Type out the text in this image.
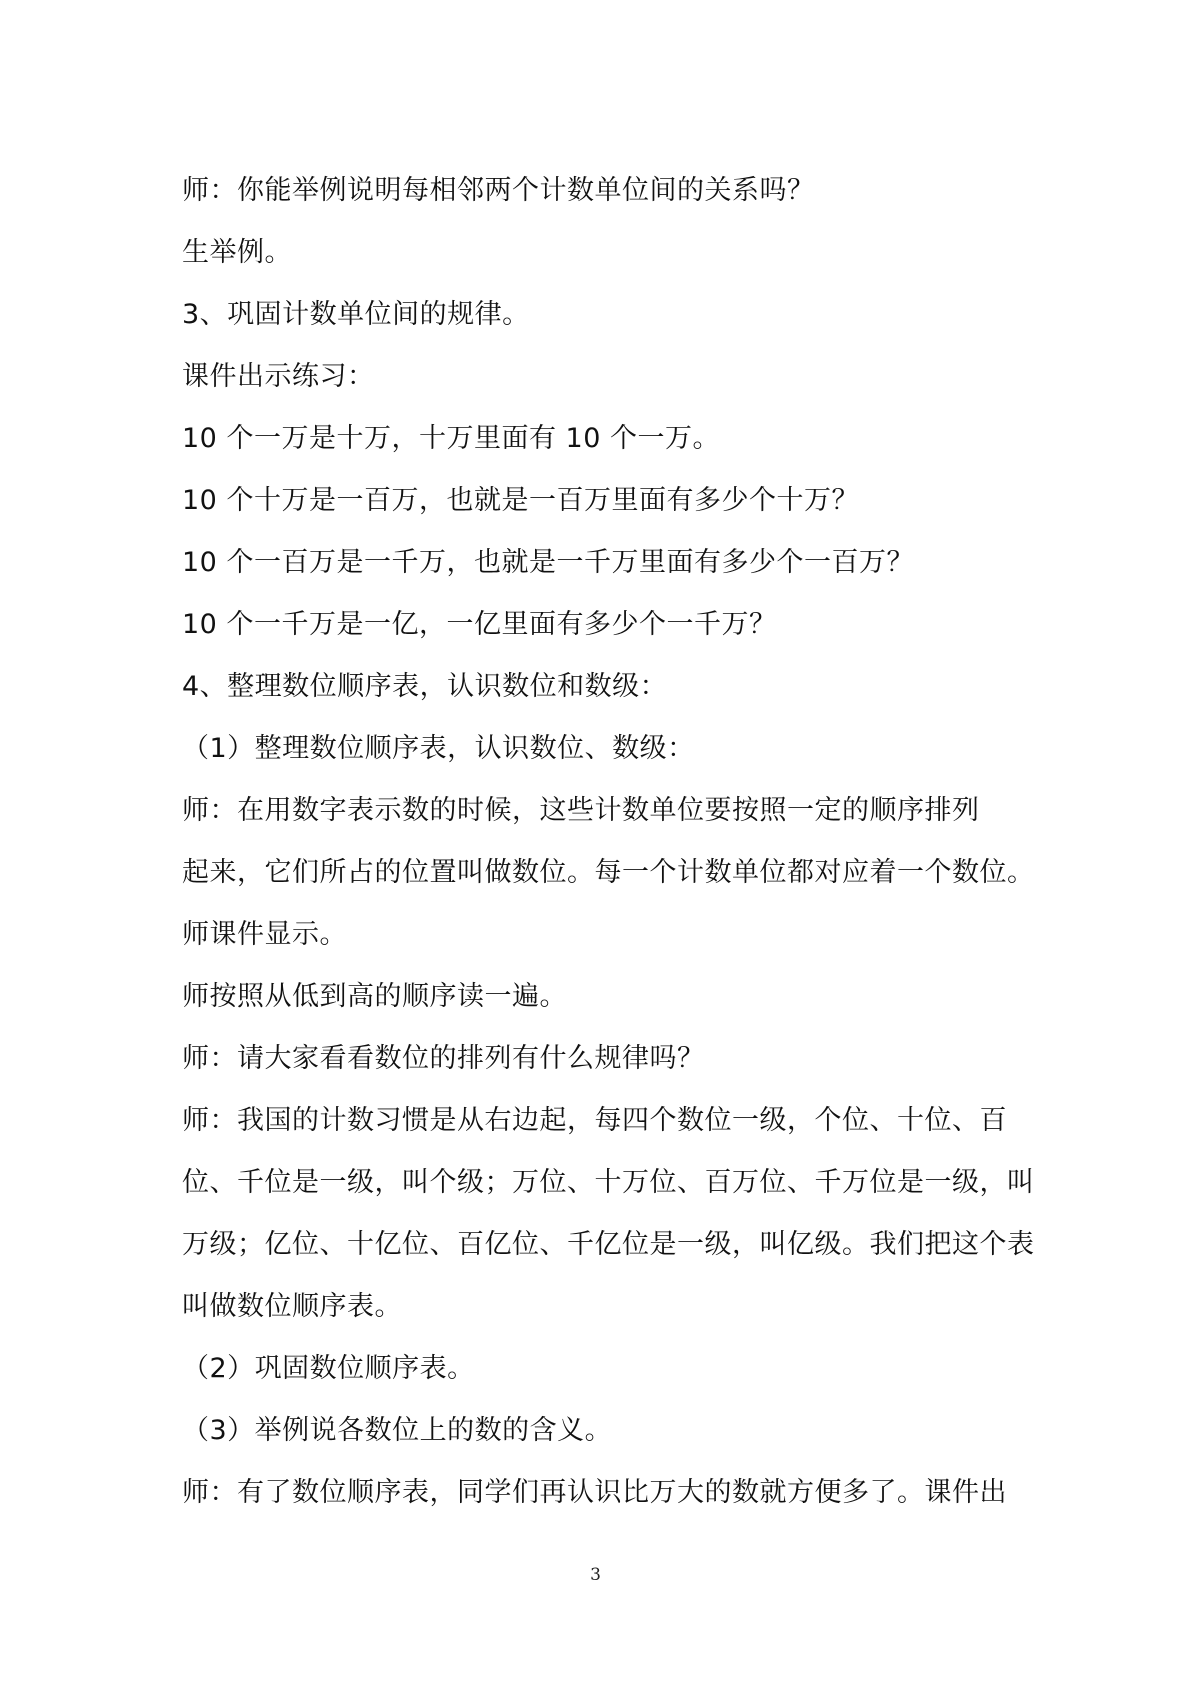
师：你能举例说明每相邻两个计数单位间的关系吗？
生举例。
3、巩固计数单位间的规律。
课件出示练习：
10 个一万是十万，十万里面有 10 个一万。
10 个十万是一百万，也就是一百万里面有多少个十万？
10 个一百万是一千万，也就是一千万里面有多少个一百万？
10 个一千万是一亿，一亿里面有多少个一千万？
4、整理数位顺序表，认识数位和数级：
（1）整理数位顺序表，认识数位、数级：
师：在用数字表示数的时候，这些计数单位要按照一定的顺序排列
起来，它们所占的位置叫做数位。每一个计数单位都对应着一个数位。
师课件显示。
师按照从低到高的顺序读一遍。
师：请大家看看数位的排列有什么规律吗？
师：我国的计数习惯是从右边起，每四个数位一级，个位、十位、百
位、千位是一级，叫个级；万位、十万位、百万位、千万位是一级，叫
万级；亿位、十亿位、百亿位、千亿位是一级，叫亿级。我们把这个表
叫做数位顺序表。
（2）巩固数位顺序表。
（3）举例说各数位上的数的含义。
师：有了数位顺序表，同学们再认识比万大的数就方便多了。课件出
3
